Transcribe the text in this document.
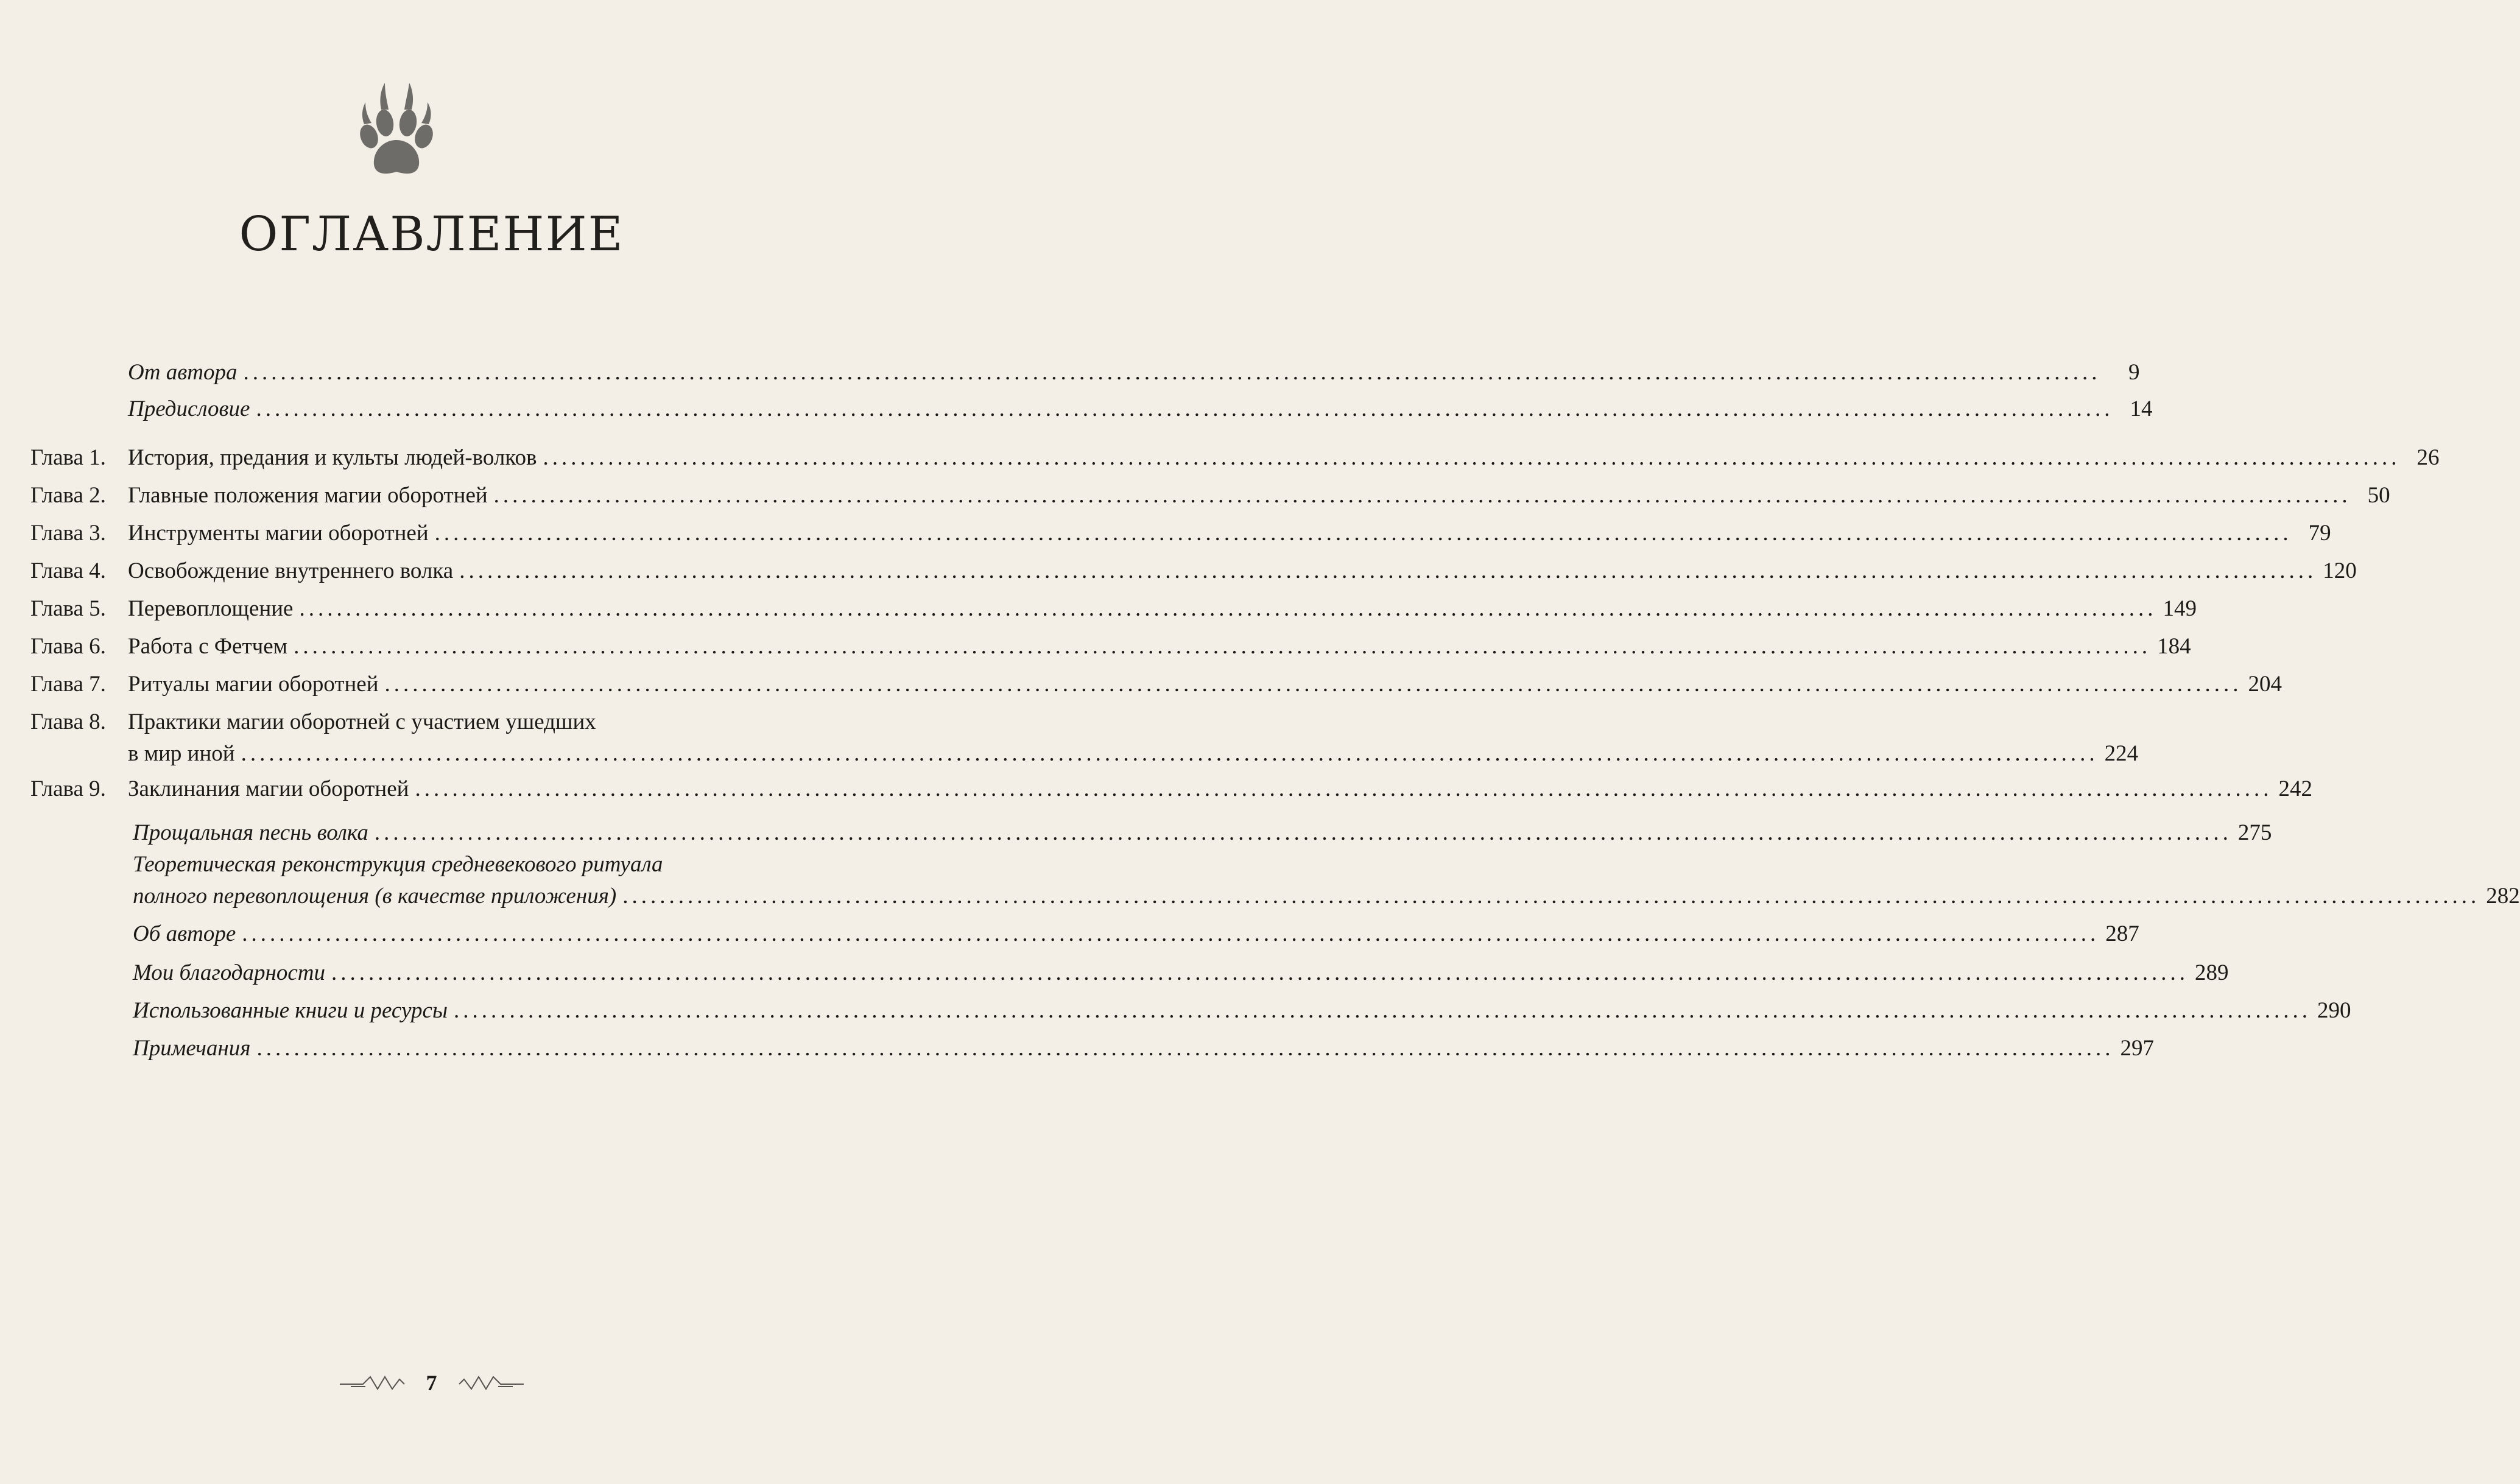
ОГЛАВЛЕНИЕ
От автора ........................................................................................................................................................................................................	9
Предисловие ........................................................................................................................................................................................................ 14
Глава 1. История, предания и культы людей-волков ........................................................................................................................................................................................................ 26
Глава 2. Главные положения магии оборотней ........................................................................................................................................................................................................ 50
Глава 3. Инструменты магии оборотней ........................................................................................................................................................................................................ 79
Глава 4. Освобождение внутреннего волка ........................................................................................................................................................................................................ 120
Глава 5. Перевоплощение ........................................................................................................................................................................................................ 149
Глава 6. Работа с Фетчем ........................................................................................................................................................................................................ 184
Глава 7. Ритуалы магии оборотней ........................................................................................................................................................................................................ 204
Глава 8. Практики магии оборотней с участием ушедших
в мир иной ........................................................................................................................................................................................................ 224
Глава 9. Заклинания магии оборотней ........................................................................................................................................................................................................ 242
Прощальная песнь волка ........................................................................................................................................................................................................ 275
Теоретическая реконструкция средневекового ритуала
полного перевоплощения (в качестве приложения) ........................................................................................................................................................................................................ 282
Об авторе ........................................................................................................................................................................................................ 287
Мои благодарности ........................................................................................................................................................................................................ 289
Использованные книги и ресурсы ........................................................................................................................................................................................................ 290
Примечания ........................................................................................................................................................................................................ 297
7
